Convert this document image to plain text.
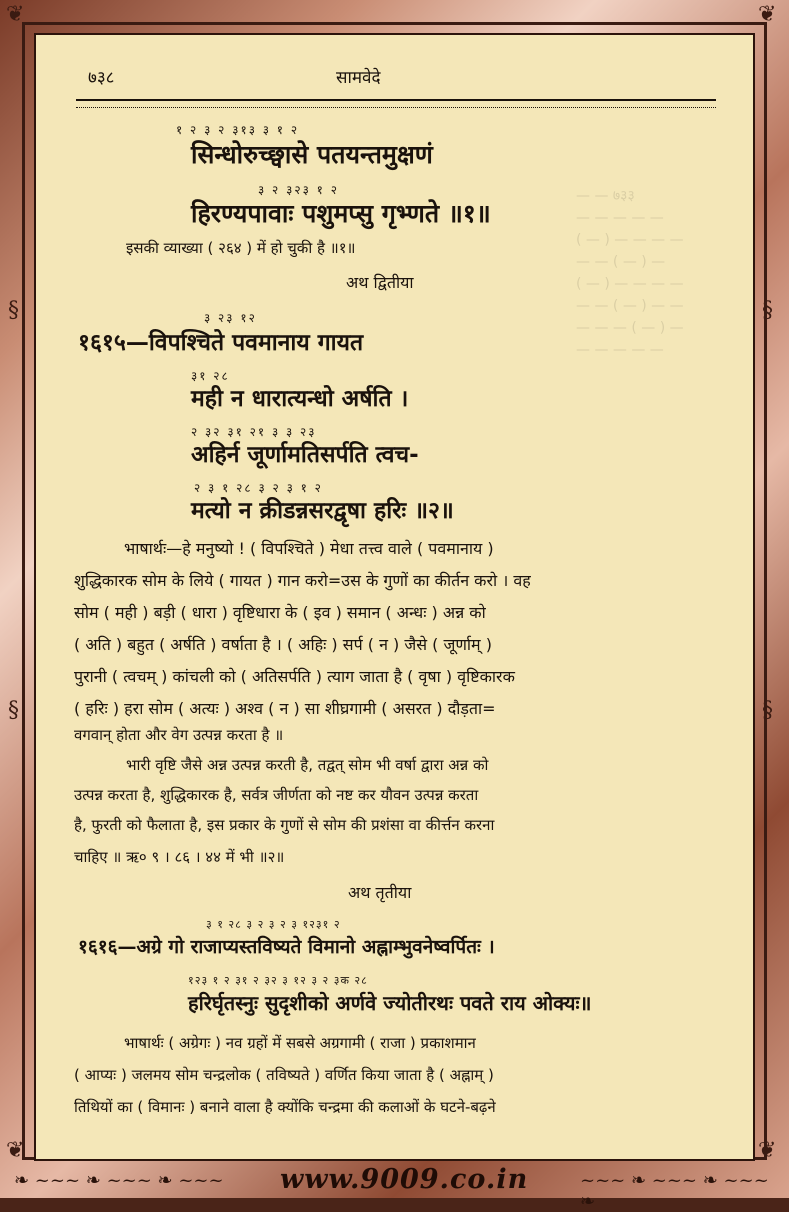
❦	❦
❦	❦
§
§
§
§
७३८	सामवेदे
— — ७३३
— — — — —
( — ) — — — —
— — ( — ) —
( — ) — — — —
— — ( — ) — —
— — — ( — ) —
— — — — —
१ २ ३ २ ३१३ ३ १ २
सिन्धोरुच्छ्वासे पतयन्तमुक्षणं
३ २ ३२३ १ २
हिरण्यपावाः पशुमप्सु गृभ्णते ॥१॥
इसकी व्याख्या ( २६४ ) में हो चुकी है ॥१॥
अथ द्वितीया
३ २३ १२
१६१५—विपश्चिते पवमानाय गायत
३१ २८
मही न धारात्यन्धो अर्षति ।
२ ३२ ३१ २१ ३ ३ २३
अहिर्न जूर्णामतिसर्पति त्वच-
२ ३ १ २८ ३ २ ३ १ २
मत्यो न क्रीडन्नसरद्वृषा हरिः ॥२॥
भाषार्थः—हे मनुष्यो ! ( विपश्चिते ) मेधा तत्त्व वाले ( पवमानाय )
शुद्धिकारक सोम के लिये ( गायत ) गान करो=उस के गुणों का कीर्तन करो । वह
सोम ( मही ) बड़ी ( धारा ) वृष्टिधारा के ( इव ) समान ( अन्धः ) अन्न को
( अति ) बहुत ( अर्षति ) वर्षाता है । ( अहिः ) सर्प ( न ) जैसे ( जूर्णाम् )
पुरानी ( त्वचम् ) कांचली को ( अतिसर्पति ) त्याग जाता है ( वृषा ) वृष्टिकारक
( हरिः ) हरा सोम ( अत्यः ) अश्व ( न ) सा शीघ्रगामी ( असरत ) दौड़ता=
वगवान् होता और वेग उत्पन्न करता है ॥
भारी वृष्टि जैसे अन्न उत्पन्न करती है, तद्वत् सोम भी वर्षा द्वारा अन्न को
उत्पन्न करता है, शुद्धिकारक है, सर्वत्र जीर्णता को नष्ट कर यौवन उत्पन्न करता
है, फुरती को फैलाता है, इस प्रकार के गुणों से सोम की प्रशंसा वा कीर्त्तन करना
चाहिए ॥ ऋ० ९ । ८६ । ४४ में भी ॥२॥
अथ तृतीया
३ १ २८ ३ २ ३ २ ३ १२३१ २
१६१६—अग्रे गो राजाप्यस्तविष्यते विमानो अह्नाम्भुवनेष्वर्पितः ।
१२३ १ २ ३१ २ ३२ ३ १२ ३ २ ३क २८
हरिर्घृतस्नुः सुदृशीको अर्णवे ज्योतीरथः पवते राय ओक्यः॥
भाषार्थः ( अग्रेगः ) नव ग्रहों में सबसे अग्रगामी ( राजा ) प्रकाशमान
( आप्यः ) जलमय सोम चन्द्रलोक ( तविष्यते ) वर्णित किया जाता है ( अह्नाम् )
तिथियों का ( विमानः ) बनाने वाला है क्योंकि चन्द्रमा की कलाओं के घटने-बढ़ने
❧ ~~~ ❧ ~~~ ❧ ~~~ www.9009.co.in	~~~ ❧ ~~~ ❧ ~~~ ❧
